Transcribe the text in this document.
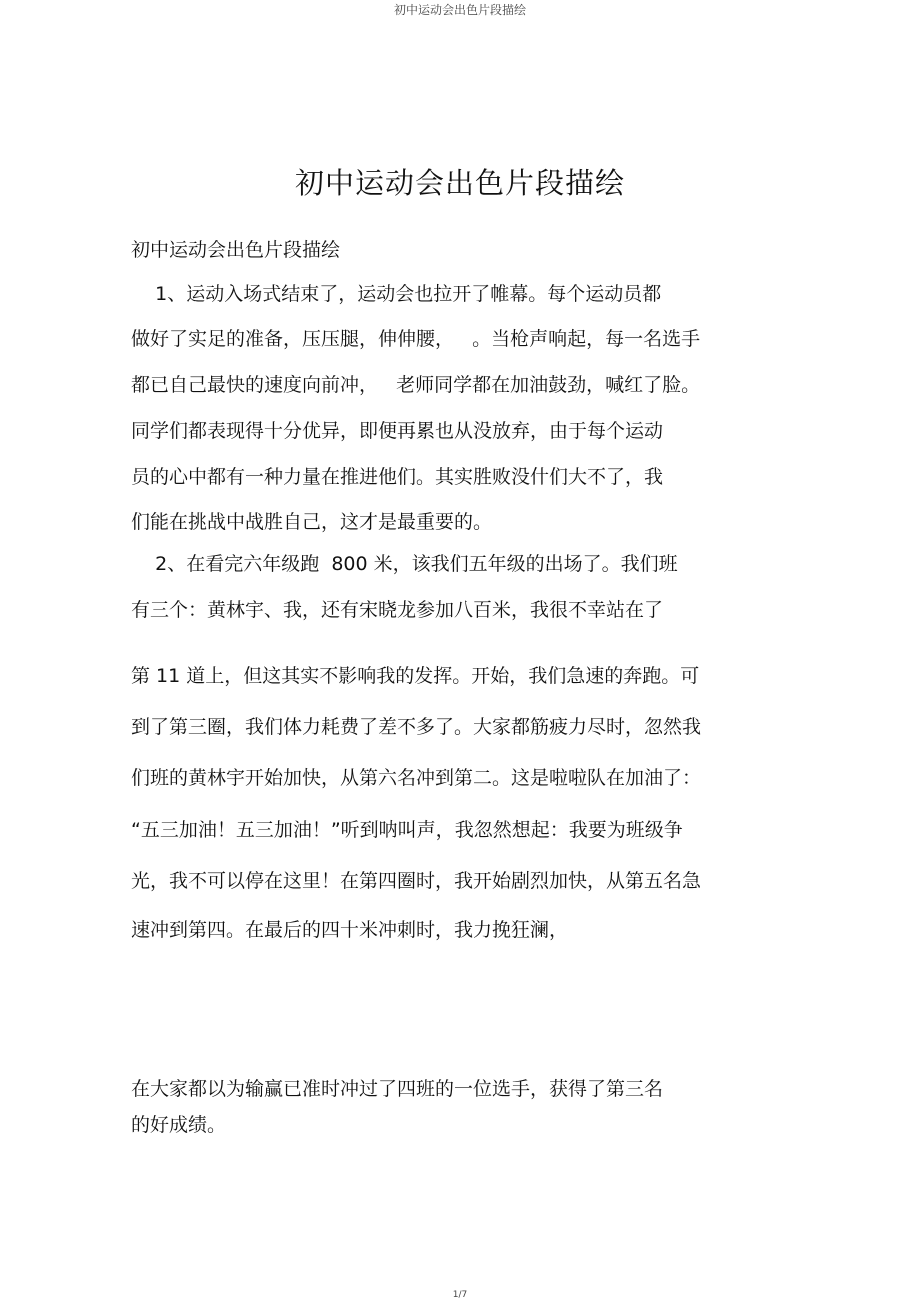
初中运动会出色片段描绘
初中运动会出色片段描绘
初中运动会出色片段描绘
1、运动入场式结束了，运动会也拉开了帷幕。每个运动员都
做好了实足的准备，压压腿，伸伸腰，   。当枪声响起，每一名选手
都已自己最快的速度向前冲，   老师同学都在加油鼓劲，喊红了脸。
同学们都表现得十分优异，即便再累也从没放弃，由于每个运动
员的心中都有一种力量在推进他们。其实胜败没什们大不了，我
们能在挑战中战胜自己，这才是最重要的。
2、在看完六年级跑  800 米，该我们五年级的出场了。我们班
有三个：黄林宇、我，还有宋晓龙参加八百米，我很不幸站在了
第 11 道上，但这其实不影响我的发挥。开始，我们急速的奔跑。可
到了第三圈，我们体力耗费了差不多了。大家都筋疲力尽时，忽然我
们班的黄林宇开始加快，从第六名冲到第二。这是啦啦队在加油了：
“五三加油！五三加油！”听到呐叫声，我忽然想起：我要为班级争
光，我不可以停在这里！在第四圈时，我开始剧烈加快，从第五名急
速冲到第四。在最后的四十米冲刺时，我力挽狂澜，
在大家都以为输赢已准时冲过了四班的一位选手，获得了第三名
的好成绩。
1/7
